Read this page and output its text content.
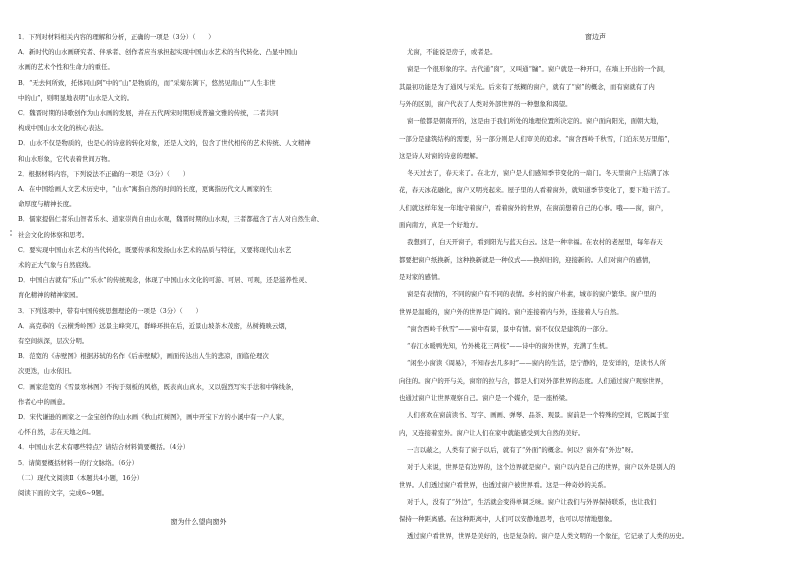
窗为什么望向窗外
1．下列对材料相关内容的理解和分析，正确的一项是（3分）（　　）
A．新时代的山水画研究者、伴承者、创作者应当承担起实现中国山水艺术的当代转化、凸显中国山
水画的艺术个性和生命力的重任。
B．“无去何所致，托体同山阿”中的“山”是物质的，而“采菊东篱下，悠然见南山”“人生非世
中的山”，则明显地表明“山水是人文的。
C．魏晋时期的诗歌创作为山水画的发展，并在五代两宋时期形成普遍文雅的传统，二者共同
构成中国山水文化的核心表达。
D．山水不仅是物质的，也是心的诗意的转化对象，还是人文的，包含了世代相传的艺术传统、人文精神
和山水形象，它代表着世间万物。
2．根据材料内容，下列说法不正确的一项是（3分）（　　）
A．在中国绘画人文艺术历史中，“山水”寓指自然的时间的长度，更寓指历代文人画家的生
命厚度与精神长度。
B．儒家提倡仁者乐山智者乐水、道家崇尚自由山水观，魏晋时期的山水观，三者都蕴含了古人对自然生命、
社会文化的体察和思考。
C．要实现中国山水艺术的当代转化，既要传承和发扬山水艺术的品质与特征，又要将现代山水艺
术的正大气象与自然底线。
D．中国自古就有“乐山”“乐水”的传统观念，体现了中国山水文化的可游、可居、可观，还是滋养性灵、
育化精神的精神家园。
3．下列选项中，带有中国传统思想理论的一项是（3分）（　　）
A．高克恭的《云横秀岭图》远景主峰突兀，群峰环拱在后，近景山坡茶木茂密，丛树掩映云烟，
有空间纵深，层次分明。
B．范宽的《赤壁图》根据苏轼的名作《后赤壁赋》，画面传达出人生的悲凉，面临伦理次
次更迭，山水依旧。
C．画家范宽的《雪景寒林图》不拘于刻板的风格，既表真山真水，又以强烈写实手法和中锋线条，
作者心中的画意。
D．宋代谦逊的画家之一金宝创作的山水画《秋山红树图》，画中开宝下方的小溪中有一户人家，
心怀自然，志在天地之间。
4．中国山水艺术有哪些特点？请结合材料简要概括。（4分）
5．请简要概括材料一的行文脉络。（6分）
（二）现代文阅读Ⅱ（本题共4小题，16分）
阅读下面的文字，完成6~9题。
窗边声
尤窗，不能说是房子，或者是。
窗是一个很形象的字。古代通“囱”，又叫通“牖”。窗户就是一种开口，在墙上开出的一个洞，
其最初功能是为了通风与采光。后来有了纸糊的窗户，就有了“窗”的概念，而有窗就有了内
与外的区别，窗户代表了人类对外部世界的一种想象和渴望。
窗一般都是朝南开的，这是由于我们所处的地理位置所决定的。窗户面向阳光，面朝大地，
一部分是建筑结构的需要，另一部分则是人们审美的追求。“窗含西岭千秋雪，门泊东吴万里船”，
这是诗人对窗的诗意的理解。
冬天过去了，春天来了。在北方，窗户是人们感知季节变化的一扇门。冬天里窗户上结满了冰
花，春天冰花融化，窗户又明亮起来。屋子里的人看着窗外，就知道季节变化了，要下地干活了。
人们就这样年复一年地守着窗户，看着窗外的世界，在窗前想着自己的心事。哦——窗，窗户，
面向南方，真是一个好地方。
我想到了，白天开窗子，看到阳光与蓝天白云。这是一种幸福。在农村的老屋里，每年春天
都要把窗户纸换新，这种换新就是一种仪式——换掉旧的，迎接新的。人们对窗户的感情，
是对家的感情。
窗是有表情的，不同的窗户有不同的表情。乡村的窗户朴素，城市的窗户繁华。窗户里的
世界是温暖的，窗户外的世界是广阔的。窗户连接着内与外，连接着人与自然。
“窗含西岭千秋雪”——窗中有景，景中有情。窗不仅仅是建筑的一部分。
“春江水暖鸭先知，竹外桃花三两枝”——诗中的窗外世界，充满了生机。
“闲坐小窗读《周易》，不知春去几多时”——窗内的生活，是宁静的，是安详的，是读书人所
向往的。窗户的开与关，窗帘的拉与合，都是人们对外部世界的态度。人们通过窗户观察世界，
也通过窗户让世界观察自己。窗户是一个媒介，是一座桥梁。
人们喜欢在窗前读书、写字、画画、弹琴、品茶、观景。窗前是一个特殊的空间，它既属于室
内，又连接着室外。窗户让人们在家中就能感受到大自然的美好。
一言以蔽之，人类有了窗子以后，就有了“外面”的概念。何以？窗外有“外边”呀。
对于人来说，世界是有边界的，这个边界就是窗户。窗户以内是自己的世界，窗户以外是别人的
世界。人们透过窗户看世界，也透过窗户被世界看。这是一种奇妙的关系。
对于人，没有了“外边”，生活就会变得单调乏味。窗户让我们与外界保持联系，也让我们
保持一种距离感。在这种距离中，人们可以安静地思考，也可以尽情地想象。
透过窗户看世界，世界是美好的，也是复杂的。窗户是人类文明的一个象征，它记录了人类的历史。
